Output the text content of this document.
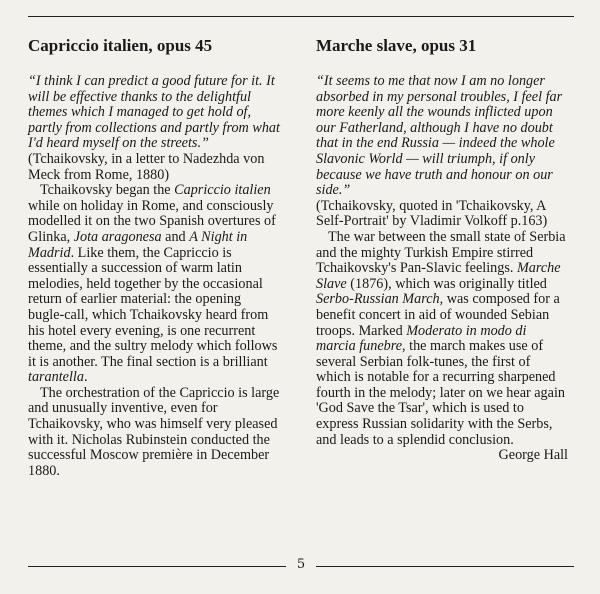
Capriccio italien, opus 45

“I think I can predict a good future for it. It will be effective thanks to the delightful themes which I managed to get hold of, partly from collections and partly from what I'd heard myself on the streets.”

(Tchaikovsky, in a letter to Nadezhda von Meck from Rome, 1880)

Tchaikovsky began the Capriccio italien while on holiday in Rome, and consciously modelled it on the two Spanish overtures of Glinka, Jota aragonesa and A Night in Madrid. Like them, the Capriccio is essentially a succession of warm latin melodies, held together by the occasional return of earlier material: the opening bugle-call, which Tchaikovsky heard from his hotel every evening, is one recurrent theme, and the sultry melody which follows it is another. The final section is a brilliant tarantella.

The orchestration of the Capriccio is large and unusually inventive, even for Tchaikovsky, who was himself very pleased with it. Nicholas Rubinstein conducted the successful Moscow première in December 1880.

Marche slave, opus 31

“It seems to me that now I am no longer absorbed in my personal troubles, I feel far more keenly all the wounds inflicted upon our Fatherland, although I have no doubt that in the end Russia — indeed the whole Slavonic World — will triumph, if only because we have truth and honour on our side.”

(Tchaikovsky, quoted in 'Tchaikovsky, A Self-Portrait' by Vladimir Volkoff p.163)

The war between the small state of Serbia and the mighty Turkish Empire stirred Tchaikovsky's Pan-Slavic feelings. Marche Slave (1876), which was originally titled Serbo-Russian March, was composed for a benefit concert in aid of wounded Sebian troops. Marked Moderato in modo di marcia funebre, the march makes use of several Serbian folk-tunes, the first of which is notable for a recurring sharpened fourth in the melody; later on we hear again 'God Save the Tsar', which is used to express Russian solidarity with the Serbs, and leads to a splendid conclusion.

George Hall

5
